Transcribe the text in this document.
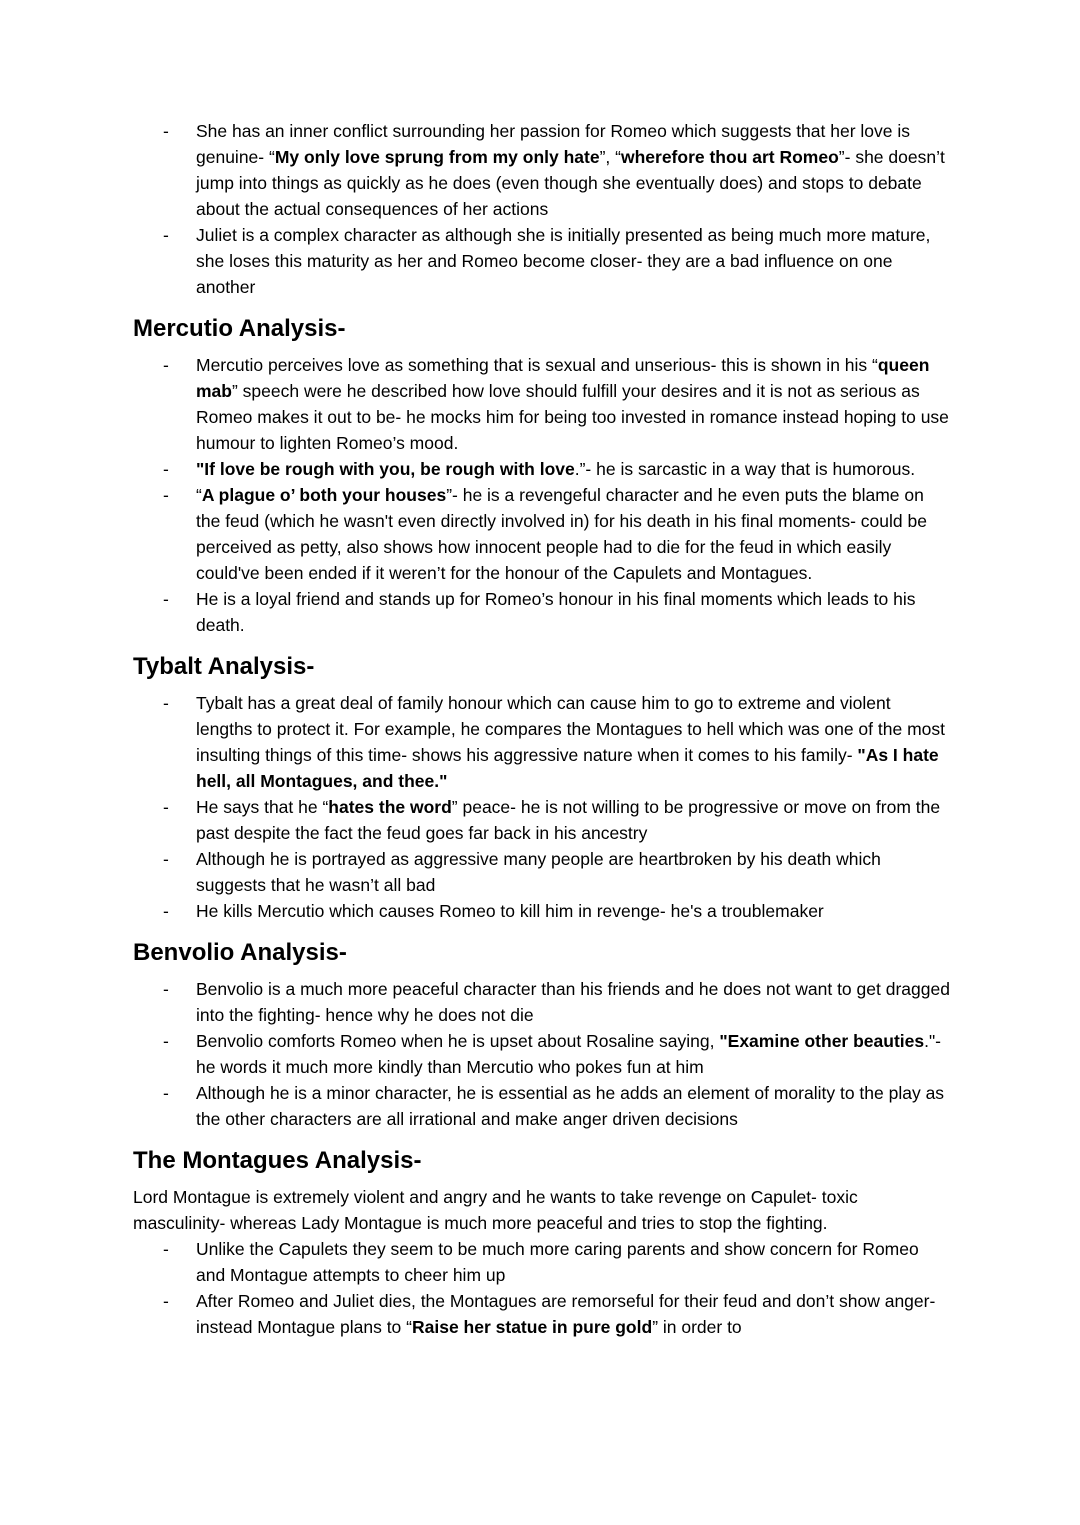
-	She has an inner conflict surrounding her passion for Romeo which suggests that her love is genuine- “My only love sprung from my only hate”, “wherefore thou art Romeo”- she doesn’t jump into things as quickly as he does (even though she eventually does) and stops to debate about the actual consequences of her actions
-	Juliet is a complex character as although she is initially presented as being much more mature, she loses this maturity as her and Romeo become closer- they are a bad influence on one another
Mercutio Analysis-
-	Mercutio perceives love as something that is sexual and unserious- this is shown in his “queen mab” speech were he described how love should fulfill your desires and it is not as serious as Romeo makes it out to be- he mocks him for being too invested in romance instead hoping to use humour to lighten Romeo’s mood.
-	"If love be rough with you, be rough with love.”- he is sarcastic in a way that is humorous.
-	“A plague o’ both your houses”- he is a revengeful character and he even puts the blame on the feud (which he wasn't even directly involved in) for his death in his final moments- could be perceived as petty, also shows how innocent people had to die for the feud in which easily could've been ended if it weren’t for the honour of the Capulets and Montagues.
-	He is a loyal friend and stands up for Romeo’s honour in his final moments which leads to his death.
Tybalt Analysis-
-	Tybalt has a great deal of family honour which can cause him to go to extreme and violent lengths to protect it. For example, he compares the Montagues to hell which was one of the most insulting things of this time- shows his aggressive nature when it comes to his family- "As I hate hell, all Montagues, and thee."
-	He says that he “hates the word” peace- he is not willing to be progressive or move on from the past despite the fact the feud goes far back in his ancestry
-	Although he is portrayed as aggressive many people are heartbroken by his death which suggests that he wasn’t all bad
-	He kills Mercutio which causes Romeo to kill him in revenge- he's a troublemaker
Benvolio Analysis-
-	Benvolio is a much more peaceful character than his friends and he does not want to get dragged into the fighting- hence why he does not die
-	Benvolio comforts Romeo when he is upset about Rosaline saying, "Examine other beauties."- he words it much more kindly than Mercutio who pokes fun at him
-	Although he is a minor character, he is essential as he adds an element of morality to the play as the other characters are all irrational and make anger driven decisions
The Montagues Analysis-

Lord Montague is extremely violent and angry and he wants to take revenge on Capulet- toxic masculinity- whereas Lady Montague is much more peaceful and tries to stop the fighting.

-	Unlike the Capulets they seem to be much more caring parents and show concern for Romeo and Montague attempts to cheer him up
-	After Romeo and Juliet dies, the Montagues are remorseful for their feud and don’t show anger- instead Montague plans to “Raise her statue in pure gold” in order to
